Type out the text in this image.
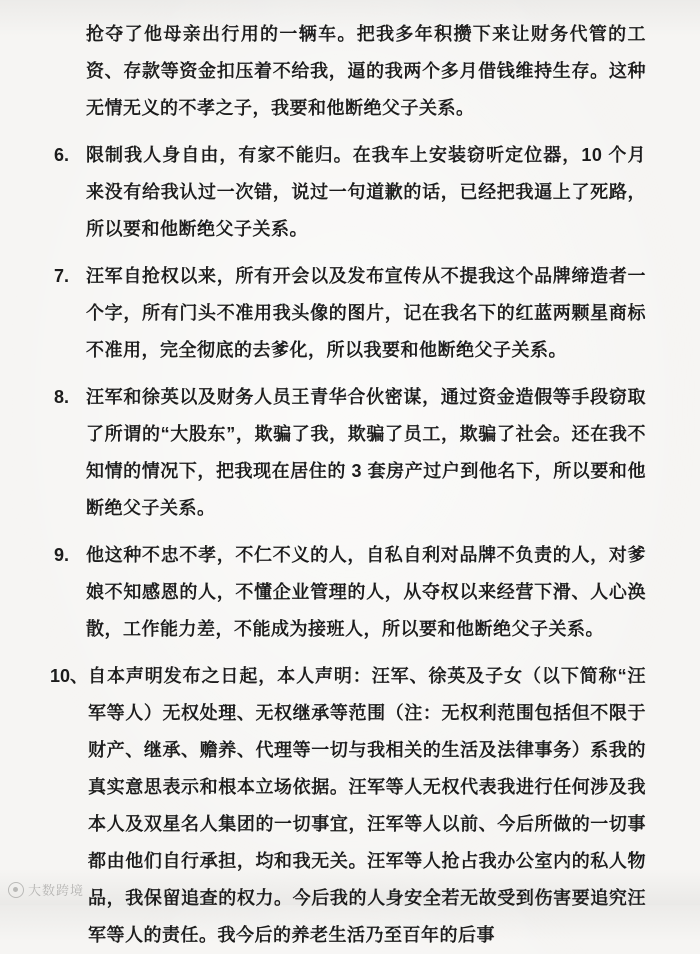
抢夺了他母亲出行用的一辆车。把我多年积攒下来让财务代管的工资、存款等资金扣压着不给我，逼的我两个多月借钱维持生存。这种无情无义的不孝之子，我要和他断绝父子关系。

6. 限制我人身自由，有家不能归。在我车上安装窃听定位器，10 个月来没有给我认过一次错，说过一句道歉的话，已经把我逼上了死路，所以要和他断绝父子关系。

7. 汪军自抢权以来，所有开会以及发布宣传从不提我这个品牌缔造者一个字，所有门头不准用我头像的图片，记在我名下的红蓝两颗星商标不准用，完全彻底的去爹化，所以我要和他断绝父子关系。

8. 汪军和徐英以及财务人员王青华合伙密谋，通过资金造假等手段窃取了所谓的“大股东”，欺骗了我，欺骗了员工，欺骗了社会。还在我不知情的情况下，把我现在居住的 3 套房产过户到他名下，所以要和他断绝父子关系。

9. 他这种不忠不孝，不仁不义的人，自私自利对品牌不负责的人，对爹娘不知感恩的人，不懂企业管理的人，从夺权以来经营下滑、人心涣散，工作能力差，不能成为接班人，所以要和他断绝父子关系。

10、 自本声明发布之日起，本人声明：汪军、徐英及子女（以下简称“汪军等人）无权处理、无权继承等范围（注：无权利范围包括但不限于财产、继承、赡养、代理等一切与我相关的生活及法律事务）系我的真实意思表示和根本立场依据。汪军等人无权代表我进行任何涉及我本人及双星名人集团的一切事宜，汪军等人以前、今后所做的一切事都由他们自行承担，均和我无关。汪军等人抢占我办公室内的私人物品，我保留追查的权力。今后我的人身安全若无故受到伤害要追究汪军等人的责任。我今后的养老生活乃至百年的后事

大数跨境
